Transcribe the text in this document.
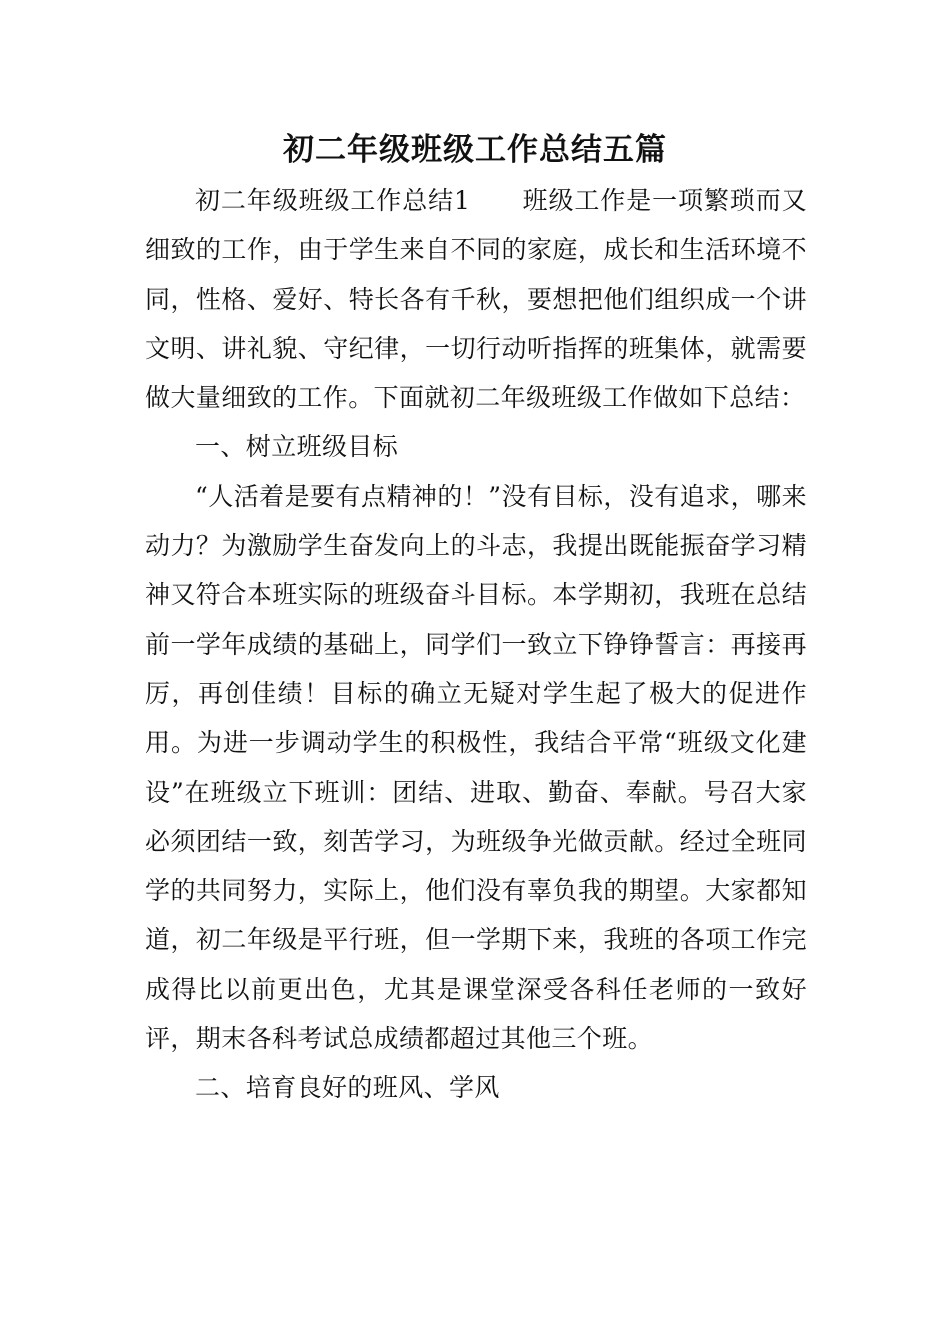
初二年级班级工作总结五篇

初二年级班级工作总结1　　班级工作是一项繁琐而又细致的工作，由于学生来自不同的家庭，成长和生活环境不同，性格、爱好、特长各有千秋，要想把他们组织成一个讲文明、讲礼貌、守纪律，一切行动听指挥的班集体，就需要做大量细致的工作。下面就初二年级班级工作做如下总结：

一、树立班级目标

“人活着是要有点精神的！”没有目标，没有追求，哪来动力？为激励学生奋发向上的斗志，我提出既能振奋学习精神又符合本班实际的班级奋斗目标。本学期初，我班在总结前一学年成绩的基础上，同学们一致立下铮铮誓言：再接再厉，再创佳绩！目标的确立无疑对学生起了极大的促进作用。为进一步调动学生的积极性，我结合平常“班级文化建设”在班级立下班训：团结、进取、勤奋、奉献。号召大家必须团结一致，刻苦学习，为班级争光做贡献。经过全班同学的共同努力，实际上，他们没有辜负我的期望。大家都知道，初二年级是平行班，但一学期下来，我班的各项工作完成得比以前更出色，尤其是课堂深受各科任老师的一致好评，期末各科考试总成绩都超过其他三个班。

二、培育良好的班风、学风
